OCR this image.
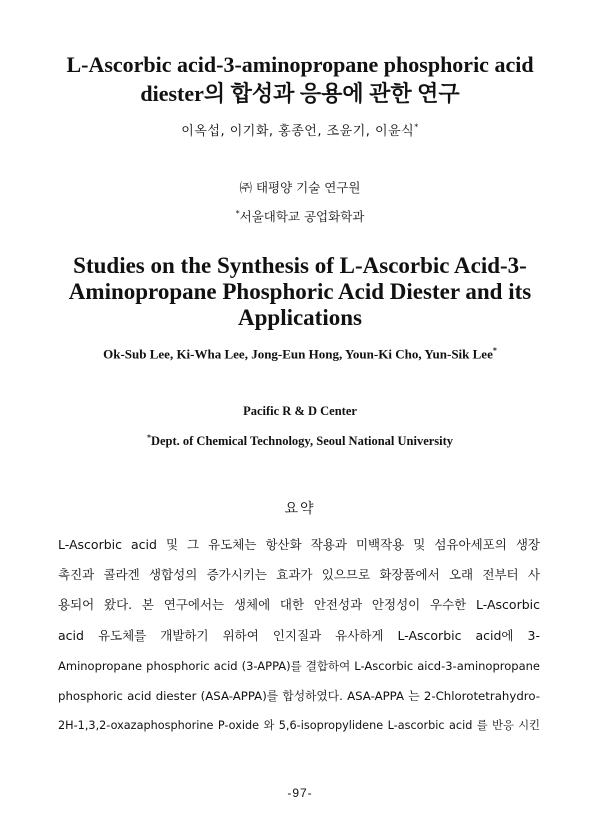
L-Ascorbic acid-3-aminopropane phosphoric acid
diester의 합성과 응용에 관한 연구
이옥섭, 이기화, 홍종언, 조윤기, 이윤식*
㈜ 태평양 기술 연구원
*서울대학교 공업화학과
Studies on the Synthesis of L-Ascorbic Acid-3-
Aminopropane Phosphoric Acid Diester and its
Applications
Ok-Sub Lee, Ki-Wha Lee, Jong-Eun Hong, Youn-Ki Cho, Yun-Sik Lee*
Pacific R & D Center
*Dept. of Chemical Technology, Seoul National University
요약
L-Ascorbic acid 및 그 유도체는 항산화 작용과 미백작용 및 섬유아세포의 생장
촉진과 콜라겐 생합성의 증가시키는 효과가 있으므로 화장품에서 오래 전부터 사
용되어 왔다. 본 연구에서는 생체에 대한 안전성과 안정성이 우수한 L-Ascorbic
acid 유도체를 개발하기 위하여 인지질과 유사하게 L-Ascorbic acid에 3-
Aminopropane phosphoric acid (3-APPA)를 결합하여 L-Ascorbic aicd-3-aminopropane
phosphoric acid diester (ASA-APPA)를 합성하였다. ASA-APPA 는 2-Chlorotetrahydro-
2H-1,3,2-oxazaphosphorine P-oxide 와 5,6-isopropylidene L-ascorbic acid 를 반응 시킨
-97-
